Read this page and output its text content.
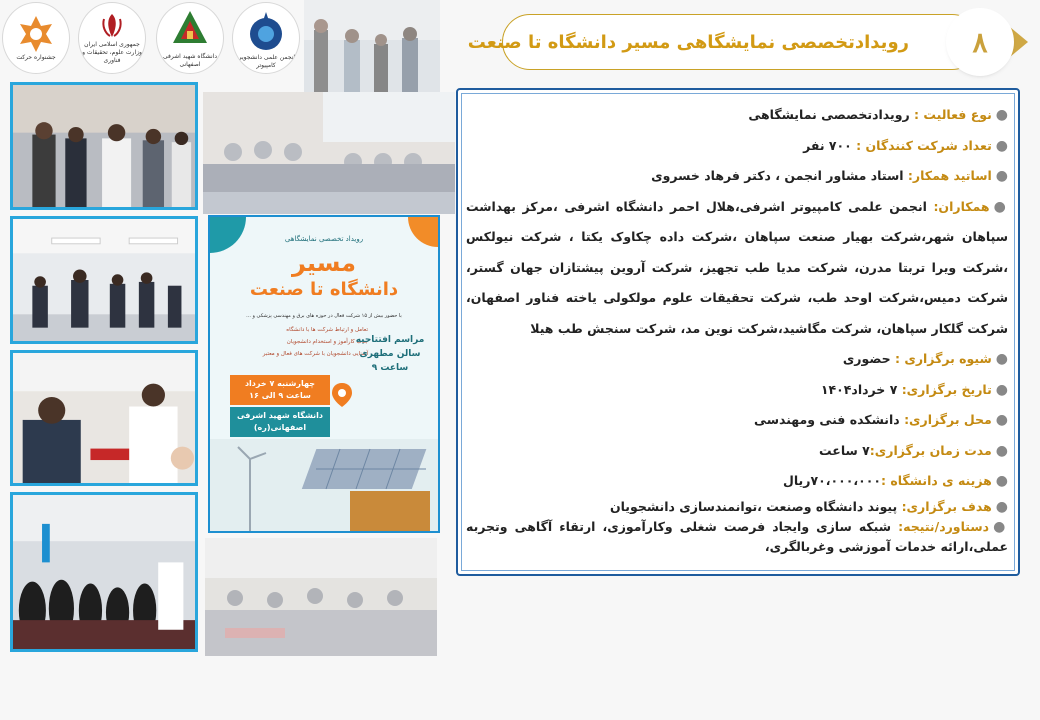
جشنواره حرکت
جمهوری اسلامی ایران وزارت علوم، تحقیقات و فناوری
دانشگاه شهید اشرفی اصفهانی
انجمن علمی دانشجویی کامپیوتر
رویداد تخصصی نمایشگاهی
مسیر
دانشگاه تا صنعت
با حضور بیش از ۱۵ شرکت فعال در حوزه های برق و مهندسی پزشکی و ...
تعامل و ارتباط شرکت ها با دانشگاه
جذب کارآموز و استخدام دانشجویان
آشنایی دانشجویان با شرکت های فعال و معتبر
مراسم افتتاحیه سالن مطهری ساعت ۹
چهارشنبه ۷ خرداد ساعت ۹ الی ۱۶
دانشگاه شهید اشرفی اصفهانی(ره)
رویدادتخصصی نمایشگاهی مسیر دانشگاه تا صنعت	۸
●نوع فعالیت : رویدادتخصصی نمایشگاهی
●تعداد شرکت کنندگان : ۷۰۰ نفر
●اساتید همکار: استاد مشاور انجمن ، دکتر فرهاد خسروی
●همکاران: انجمن علمی کامپیوتر اشرفی،هلال احمر دانشگاه اشرفی ،مرکز بهداشت سپاهان شهر،شرکت بهیار صنعت سپاهان ،شرکت داده چکاوک یکتا ، شرکت نیولکس ،شرکت ویرا تربتا مدرن، شرکت مدیا طب تجهیز، شرکت آروین پیشتازان جهان گستر، شرکت دمیس،شرکت اوحد طب، شرکت تحقیقات علوم مولکولی یاخته فناور اصفهان، شرکت گلکار سپاهان، شرکت مگاشید،شرکت نوین مد، شرکت سنجش طب هیلا
●شیوه برگزاری : حضوری
●تاریخ برگزاری: ۷ خرداد۱۴۰۴
●محل برگزاری: دانشکده فنی ومهندسی
●مدت زمان برگزاری:۷ ساعت
●هزینه ی دانشگاه :۷۰،۰۰۰،۰۰۰ریال
●هدف برگزاری: پیوند دانشگاه وصنعت ،توانمندسازی دانشجویان
●دستاورد/نتیجه: شبکه سازی وایجاد فرصت شغلی وکارآموزی، ارتقاء آگاهی وتجربه عملی،ارائه خدمات آموزشی وغربالگری،
